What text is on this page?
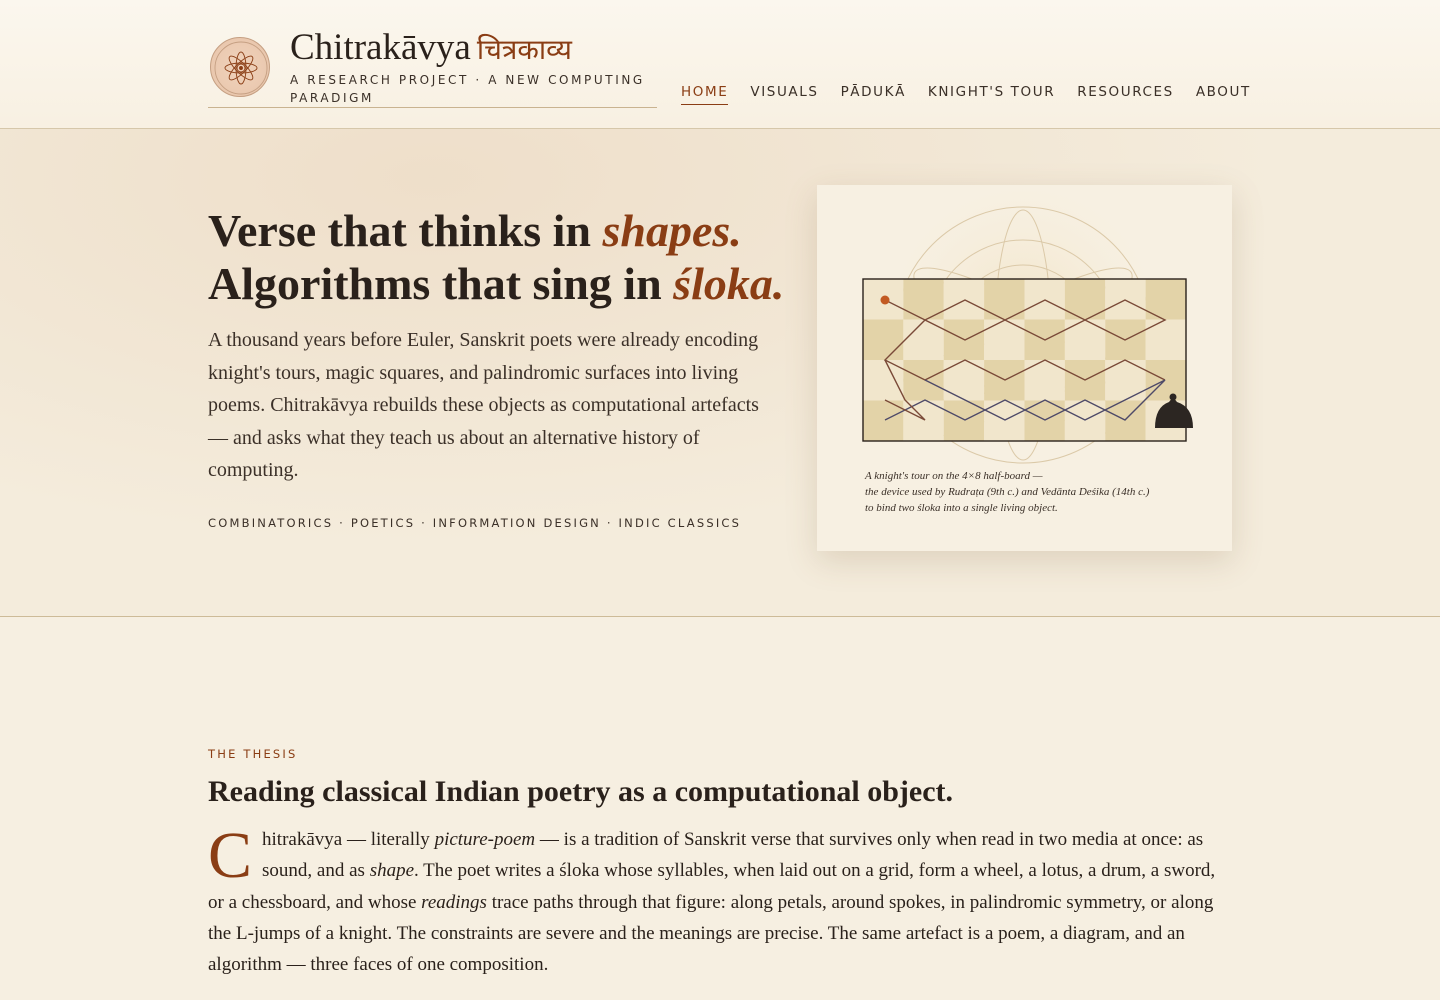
Chitrakāvya चित्रकाव्य
A RESEARCH PROJECT · A NEW COMPUTING PARADIGM	HOME VISUALS PĀDUKĀ KNIGHT'S TOUR RESOURCES ABOUT
Verse that thinks in shapes.
Algorithms that sing in śloka.

A thousand years before Euler, Sanskrit poets were already encoding knight's tours, magic squares, and palindromic surfaces into living poems. Chitrakāvya rebuilds these objects as computational artefacts — and asks what they teach us about an alternative history of computing.

COMBINATORICS · POETICS · INFORMATION DESIGN · INDIC CLASSICS
A knight's tour on the 4×8 half-board —
the device used by Rudraṭa (9th c.) and Vedānta Deśika (14th c.)
to bind two śloka into a single living object.
THE THESIS
Reading classical Indian poetry as a computational object.

Chitrakāvya — literally picture-poem — is a tradition of Sanskrit verse that survives only when read in two media at once: as sound, and as shape. The poet writes a śloka whose syllables, when laid out on a grid, form a wheel, a lotus, a drum, a sword, or a chessboard, and whose readings trace paths through that figure: along petals, around spokes, in palindromic symmetry, or along the L-jumps of a knight. The constraints are severe and the meanings are precise. The same artefact is a poem, a diagram, and an algorithm — three faces of one composition.
